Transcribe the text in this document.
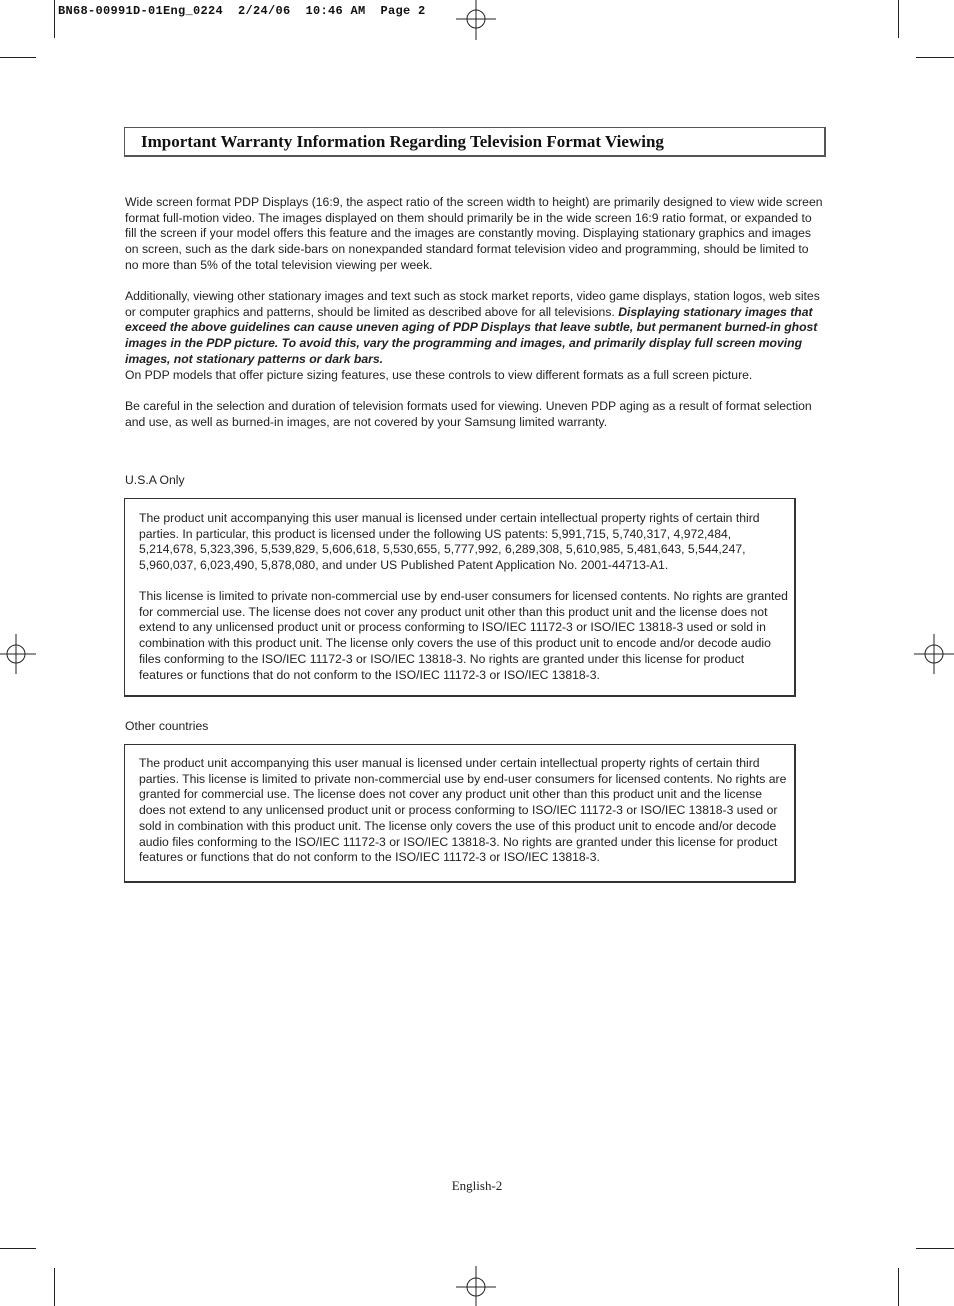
BN68-00991D-01Eng_0224  2/24/06  10:46 AM  Page 2
Important Warranty Information Regarding Television Format Viewing

Wide screen format PDP Displays (16:9, the aspect ratio of the screen width to height) are primarily designed to view wide screen format full-motion video. The images displayed on them should primarily be in the wide screen 16:9 ratio format, or expanded to fill the screen if your model offers this feature and the images are constantly moving. Displaying stationary graphics and images on screen, such as the dark side-bars on nonexpanded standard format television video and programming, should be limited to no more than 5% of the total television viewing per week.

Additionally, viewing other stationary images and text such as stock market reports, video game displays, station logos, web sites or computer graphics and patterns, should be limited as described above for all televisions. Displaying stationary images that exceed the above guidelines can cause uneven aging of PDP Displays that leave subtle, but permanent burned-in ghost images in the PDP picture. To avoid this, vary the programming and images, and primarily display full screen moving images, not stationary patterns or dark bars.
On PDP models that offer picture sizing features, use these controls to view different formats as a full screen picture.

Be careful in the selection and duration of television formats used for viewing. Uneven PDP aging as a result of format selection and use, as well as burned-in images, are not covered by your Samsung limited warranty.

U.S.A Only

The product unit accompanying this user manual is licensed under certain intellectual property rights of certain third parties. In particular, this product is licensed under the following US patents: 5,991,715, 5,740,317, 4,972,484, 5,214,678, 5,323,396, 5,539,829, 5,606,618, 5,530,655, 5,777,992, 6,289,308, 5,610,985, 5,481,643, 5,544,247, 5,960,037, 6,023,490, 5,878,080, and under US Published Patent Application No. 2001-44713-A1.

This license is limited to private non-commercial use by end-user consumers for licensed contents. No rights are granted for commercial use. The license does not cover any product unit other than this product unit and the license does not extend to any unlicensed product unit or process conforming to ISO/IEC 11172-3 or ISO/IEC 13818-3 used or sold in combination with this product unit. The license only covers the use of this product unit to encode and/or decode audio files conforming to the ISO/IEC 11172-3 or ISO/IEC 13818-3. No rights are granted under this license for product features or functions that do not conform to the ISO/IEC 11172-3 or ISO/IEC 13818-3.

Other countries

The product unit accompanying this user manual is licensed under certain intellectual property rights of certain third parties. This license is limited to private non-commercial use by end-user consumers for licensed contents. No rights are granted for commercial use. The license does not cover any product unit other than this product unit and the license does not extend to any unlicensed product unit or process conforming to ISO/IEC 11172-3 or ISO/IEC 13818-3 used or sold in combination with this product unit. The license only covers the use of this product unit to encode and/or decode audio files conforming to the ISO/IEC 11172-3 or ISO/IEC 13818-3. No rights are granted under this license for product features or functions that do not conform to the ISO/IEC 11172-3 or ISO/IEC 13818-3.

English-2
